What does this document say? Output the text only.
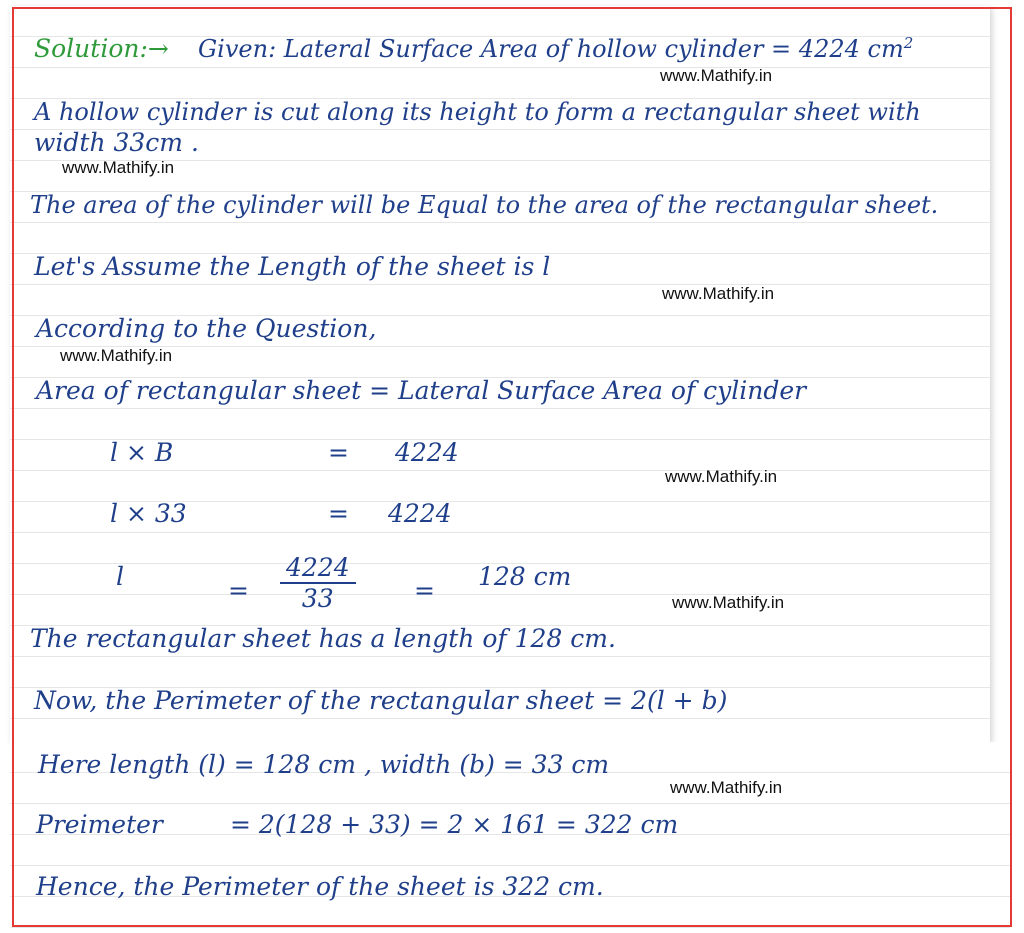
Solution:→ Given: Lateral Surface Area of hollow cylinder = 4224 $cm^2$
www.Mathify.in
A hollow cylinder is cut along its height to form a rectangular sheet with
width 33cm .
www.Mathify.in
The area of the cylinder will be Equal to the area of the rectangular sheet.
Let's Assume the Length of the sheet is l
www.Mathify.in
According to the Question,
www.Mathify.in
Area of rectangular sheet = Lateral Surface Area of cylinder
l × B	= 4224
www.Mathify.in
l × 33	= 4224
l	= $\frac{4224}{33} = 128$ cm
www.Mathify.in
The rectangular sheet has a length of 128 cm.
Now, the Perimeter of the rectangular sheet = 2(l + b)
Here length (l) = 128 cm , width (b) = 33 cm
www.Mathify.in
Preimeter	= 2(128 + 33) = 2 × 161 = 322 cm
Hence, the Perimeter of the sheet is 322 cm.
